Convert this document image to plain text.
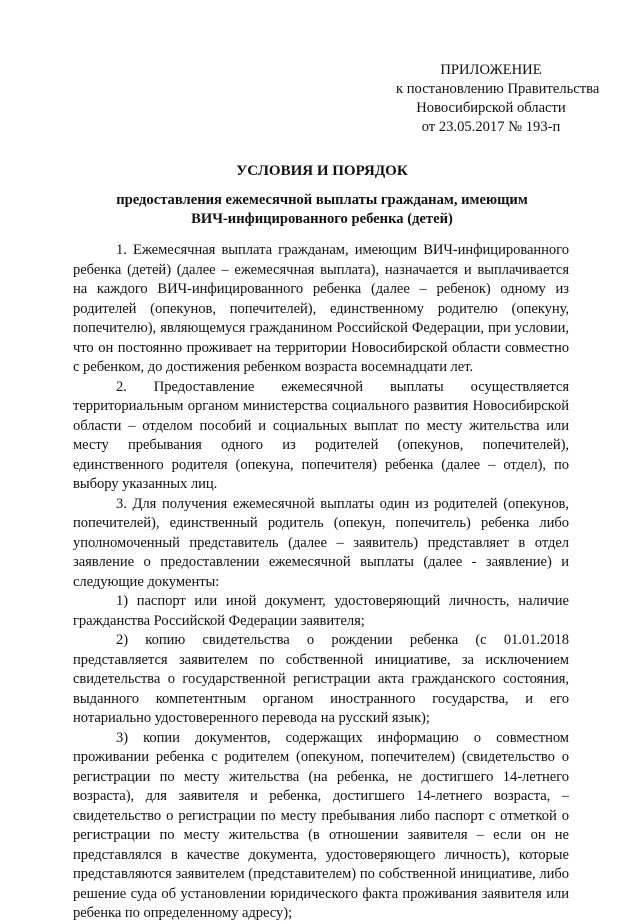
ПРИЛОЖЕНИЕ
к постановлению Правительства
Новосибирской области
от 23.05.2017 № 193-п
УСЛОВИЯ И ПОРЯДОК
предоставления ежемесячной выплаты гражданам, имеющим
ВИЧ-инфицированного ребенка (детей)

1. Ежемесячная выплата гражданам, имеющим ВИЧ-инфицированного ребенка (детей) (далее – ежемесячная выплата), назначается и выплачивается на каждого ВИЧ-инфицированного ребенка (далее – ребенок) одному из родителей (опекунов, попечителей), единственному родителю (опекуну, попечителю), являющемуся гражданином Российской Федерации, при условии, что он постоянно проживает на территории Новосибирской области совместно с ребенком, до достижения ребенком возраста восемнадцати лет.

2. Предоставление ежемесячной выплаты осуществляется территориальным органом министерства социального развития Новосибирской области – отделом пособий и социальных выплат по месту жительства или месту пребывания одного из родителей (опекунов, попечителей), единственного родителя (опекуна, попечителя) ребенка (далее – отдел), по выбору указанных лиц.

3. Для получения ежемесячной выплаты один из родителей (опекунов, попечителей), единственный родитель (опекун, попечитель) ребенка либо уполномоченный представитель (далее – заявитель) представляет в отдел заявление о предоставлении ежемесячной выплаты (далее - заявление) и следующие документы:

1) паспорт или иной документ, удостоверяющий личность, наличие гражданства Российской Федерации заявителя;

2) копию свидетельства о рождении ребенка (с 01.01.2018 представляется заявителем по собственной инициативе, за исключением свидетельства о государственной регистрации акта гражданского состояния, выданного компетентным органом иностранного государства, и его нотариально удостоверенного перевода на русский язык);

3) копии документов, содержащих информацию о совместном проживании ребенка с родителем (опекуном, попечителем) (свидетельство о регистрации по месту жительства (на ребенка, не достигшего 14-летнего возраста), для заявителя и ребенка, достигшего 14-летнего возраста, – свидетельство о регистрации по месту пребывания либо паспорт с отметкой о регистрации по месту жительства (в отношении заявителя – если он не представлялся в качестве документа, удостоверяющего личность), которые представляются заявителем (представителем) по собственной инициативе, либо решение суда об установлении юридического факта проживания заявителя или ребенка по определенному адресу);
